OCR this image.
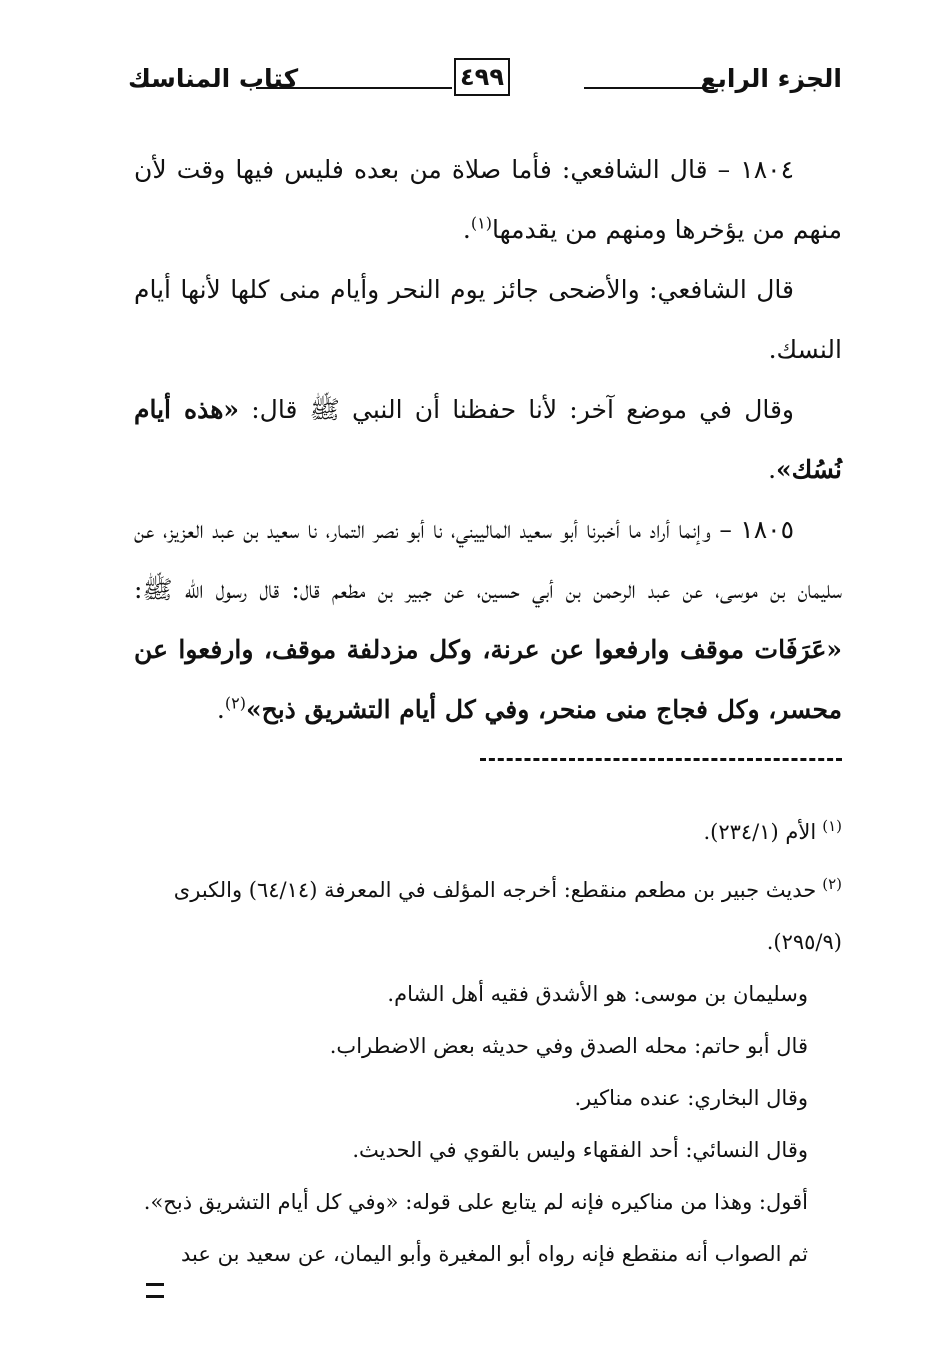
الجزء الرابع
٤٩٩
كتاب المناسك

١٨٠٤ – قال الشافعي: فأما صلاة من بعده فليس فيها وقت لأن منهم من يؤخرها ومنهم من يقدمها$^{(١)}$.

قال الشافعي: والأضحى جائز يوم النحر وأيام منى كلها لأنها أيام النسك.

وقال في موضع آخر: لأنا حفظنا أن النبي ﷺ قال: «هذه أيام نُسُك».

١٨٠٥ – وإنما أراد ما أخبرنا أبو سعيد المالييني، نا أبو نصر التمار، نا سعيد بن عبد العزيز، عن سليمان بن موسى، عن عبد الرحمن بن أبي حسين، عن جبير بن مطعم قال: قال رسول الله ﷺ: «عَرَفَات موقف وارفعوا عن عرنة، وكل مزدلفة موقف، وارفعوا عن محسر، وكل فجاج منى منحر، وفي كل أيام التشريق ذبح»$^{(٢)}$.

$^{(١)}$الأم (٢٣٤/١).

$^{(٢)}$حديث جبير بن مطعم منقطع: أخرجه المؤلف في المعرفة (٦٤/١٤) والكبرى (٢٩٥/٩).

وسليمان بن موسى: هو الأشدق فقيه أهل الشام.

قال أبو حاتم: محله الصدق وفي حديثه بعض الاضطراب.

وقال البخاري: عنده مناكير.

وقال النسائي: أحد الفقهاء وليس بالقوي في الحديث.

أقول: وهذا من مناكيره فإنه لم يتابع على قوله: «وفي كل أيام التشريق ذبح».

ثم الصواب أنه منقطع فإنه رواه أبو المغيرة وأبو اليمان، عن سعيد بن عبد
